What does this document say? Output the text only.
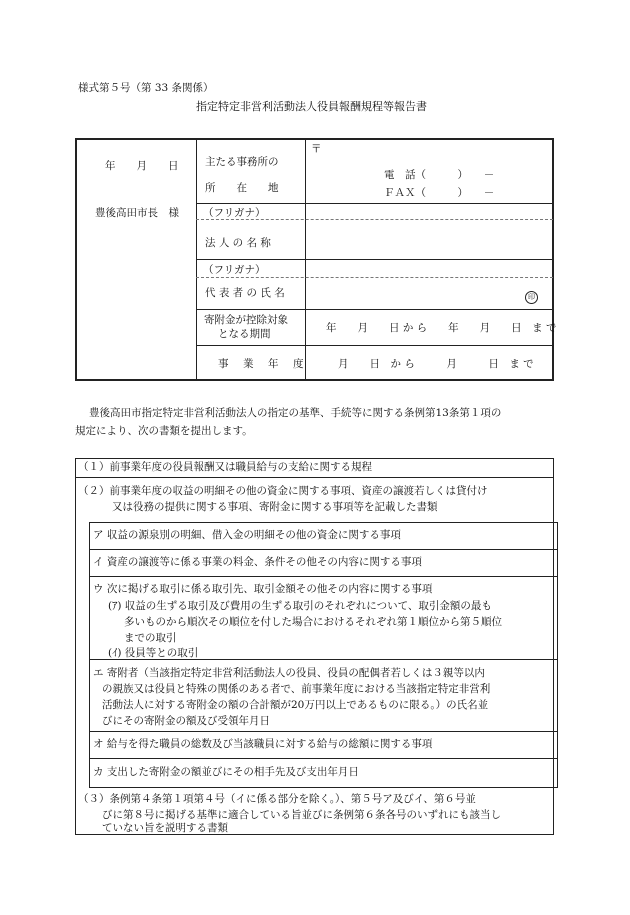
様式第５号（第 33 条関係）
指定特定非営利活動法人役員報酬規程等報告書
年　　月　　日
豊後高田市長　様
主たる事務所の
所　　在　　地
〒
電　話（　　　）　　－
ＦＡＸ（　　　）　　－
（フリガナ）
法 人 の 名 称
（フリガナ）
代 表 者 の 氏 名	印
寄附金が控除対象
となる期間	年　　月　　日 か ら　　年　　月　　日　ま で
事　業　年　度	月　　日　か ら　　　月　　　日　ま で
豊後高田市指定特定非営利活動法人の指定の基準、手続等に関する条例第13条第１項の
規定により、次の書類を提出します。
（１）前事業年度の役員報酬又は職員給与の支給に関する規程
（２）前事業年度の収益の明細その他の資金に関する事項、資産の譲渡若しくは貸付け
又は役務の提供に関する事項、寄附金に関する事項等を記載した書類
ア 収益の源泉別の明細、借入金の明細その他の資金に関する事項
イ 資産の譲渡等に係る事業の料金、条件その他その内容に関する事項
ウ 次に掲げる取引に係る取引先、取引金額その他その内容に関する事項
(ｱ) 収益の生ずる取引及び費用の生ずる取引のそれぞれについて、取引金額の最も
多いものから順次その順位を付した場合におけるそれぞれ第１順位から第５順位
までの取引
(ｲ) 役員等との取引
エ 寄附者（当該指定特定非営利活動法人の役員、役員の配偶者若しくは３親等以内
の親族又は役員と特殊の関係のある者で、前事業年度における当該指定特定非営利
活動法人に対する寄附金の額の合計額が20万円以上であるものに限る。）の氏名並
びにその寄附金の額及び受領年月日
オ 給与を得た職員の総数及び当該職員に対する給与の総額に関する事項
カ 支出した寄附金の額並びにその相手先及び支出年月日
（３）条例第４条第１項第４号（イに係る部分を除く。）、第５号ア及びイ、第６号並
びに第８号に掲げる基準に適合している旨並びに条例第６条各号のいずれにも該当し
ていない旨を説明する書類
